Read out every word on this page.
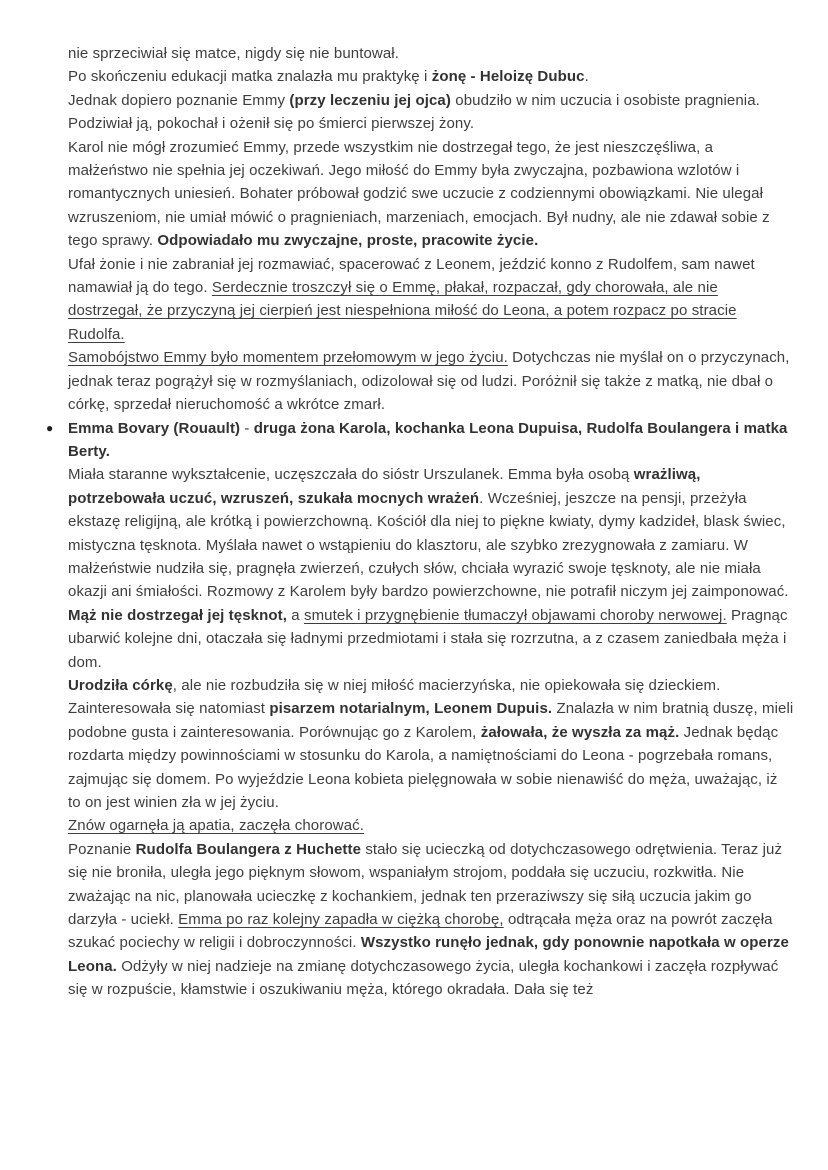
nie sprzeciwiał się matce, nigdy się nie buntował.

Po skończeniu edukacji matka znalazła mu praktykę i żonę - Heloizę Dubuc.

Jednak dopiero poznanie Emmy (przy leczeniu jej ojca) obudziło w nim uczucia i osobiste pragnienia. Podziwiał ją, pokochał i ożenił się po śmierci pierwszej żony.

Karol nie mógł zrozumieć Emmy, przede wszystkim nie dostrzegał tego, że jest nieszczęśliwa, a małżeństwo nie spełnia jej oczekiwań. Jego miłość do Emmy była zwyczajna, pozbawiona wzlotów i romantycznych uniesień. Bohater próbował godzić swe uczucie z codziennymi obowiązkami. Nie ulegał wzruszeniom, nie umiał mówić o pragnieniach, marzeniach, emocjach. Był nudny, ale nie zdawał sobie z tego sprawy. Odpowiadało mu zwyczajne, proste, pracowite życie.

Ufał żonie i nie zabraniał jej rozmawiać, spacerować z Leonem, jeździć konno z Rudolfem, sam nawet namawiał ją do tego. Serdecznie troszczył się o Emmę, płakał, rozpaczał, gdy chorowała, ale nie dostrzegał, że przyczyną jej cierpień jest niespełniona miłość do Leona, a potem rozpacz po stracie Rudolfa.

Samobójstwo Emmy było momentem przełomowym w jego życiu. Dotychczas nie myślał on o przyczynach, jednak teraz pogrążył się w rozmyślaniach, odizolował się od ludzi. Poróżnił się także z matką, nie dbał o córkę, sprzedał nieruchomość a wkrótce zmarł.

● Emma Bovary (Rouault) - druga żona Karola, kochanka Leona Dupuisa, Rudolfa Boulangera i matka Berty.

Miała staranne wykształcenie, uczęszczała do sióstr Urszulanek. Emma była osobą wrażliwą, potrzebowała uczuć, wzruszeń, szukała mocnych wrażeń. Wcześniej, jeszcze na pensji, przeżyła ekstazę religijną, ale krótką i powierzchowną. Kościół dla niej to piękne kwiaty, dymy kadzideł, blask świec, mistyczna tęsknota. Myślała nawet o wstąpieniu do klasztoru, ale szybko zrezygnowała z zamiaru. W małżeństwie nudziła się, pragnęła zwierzeń, czułych słów, chciała wyrazić swoje tęsknoty, ale nie miała okazji ani śmiałości. Rozmowy z Karolem były bardzo powierzchowne, nie potrafił niczym jej zaimponować. Mąż nie dostrzegał jej tęsknot, a smutek i przygnębienie tłumaczył objawami choroby nerwowej. Pragnąc ubarwić kolejne dni, otaczała się ładnymi przedmiotami i stała się rozrzutna, a z czasem zaniedbała męża i dom.

Urodziła córkę, ale nie rozbudziła się w niej miłość macierzyńska, nie opiekowała się dzieckiem. Zainteresowała się natomiast pisarzem notarialnym, Leonem Dupuis. Znalazła w nim bratnią duszę, mieli podobne gusta i zainteresowania. Porównując go z Karolem, żałowała, że wyszła za mąż. Jednak będąc rozdarta między powinnościami w stosunku do Karola, a namiętnościami do Leona - pogrzebała romans, zajmując się domem. Po wyjeździe Leona kobieta pielęgnowała w sobie nienawiść do męża, uważając, iż to on jest winien zła w jej życiu.

Znów ogarnęła ją apatia, zaczęła chorować.

Poznanie Rudolfa Boulangera z Huchette stało się ucieczką od dotychczasowego odrętwienia. Teraz już się nie broniła, uległa jego pięknym słowom, wspaniałym strojom, poddała się uczuciu, rozkwitła. Nie zważając na nic, planowała ucieczkę z kochankiem, jednak ten przeraziwszy się siłą uczucia jakim go darzyła - uciekł. Emma po raz kolejny zapadła w ciężką chorobę, odtrącała męża oraz na powrót zaczęła szukać pociechy w religii i dobroczynności. Wszystko runęło jednak, gdy ponownie napotkała w operze Leona. Odżyły w niej nadzieje na zmianę dotychczasowego życia, uległa kochankowi i zaczęła rozpływać się w rozpuście, kłamstwie i oszukiwaniu męża, którego okradała. Dała się też
